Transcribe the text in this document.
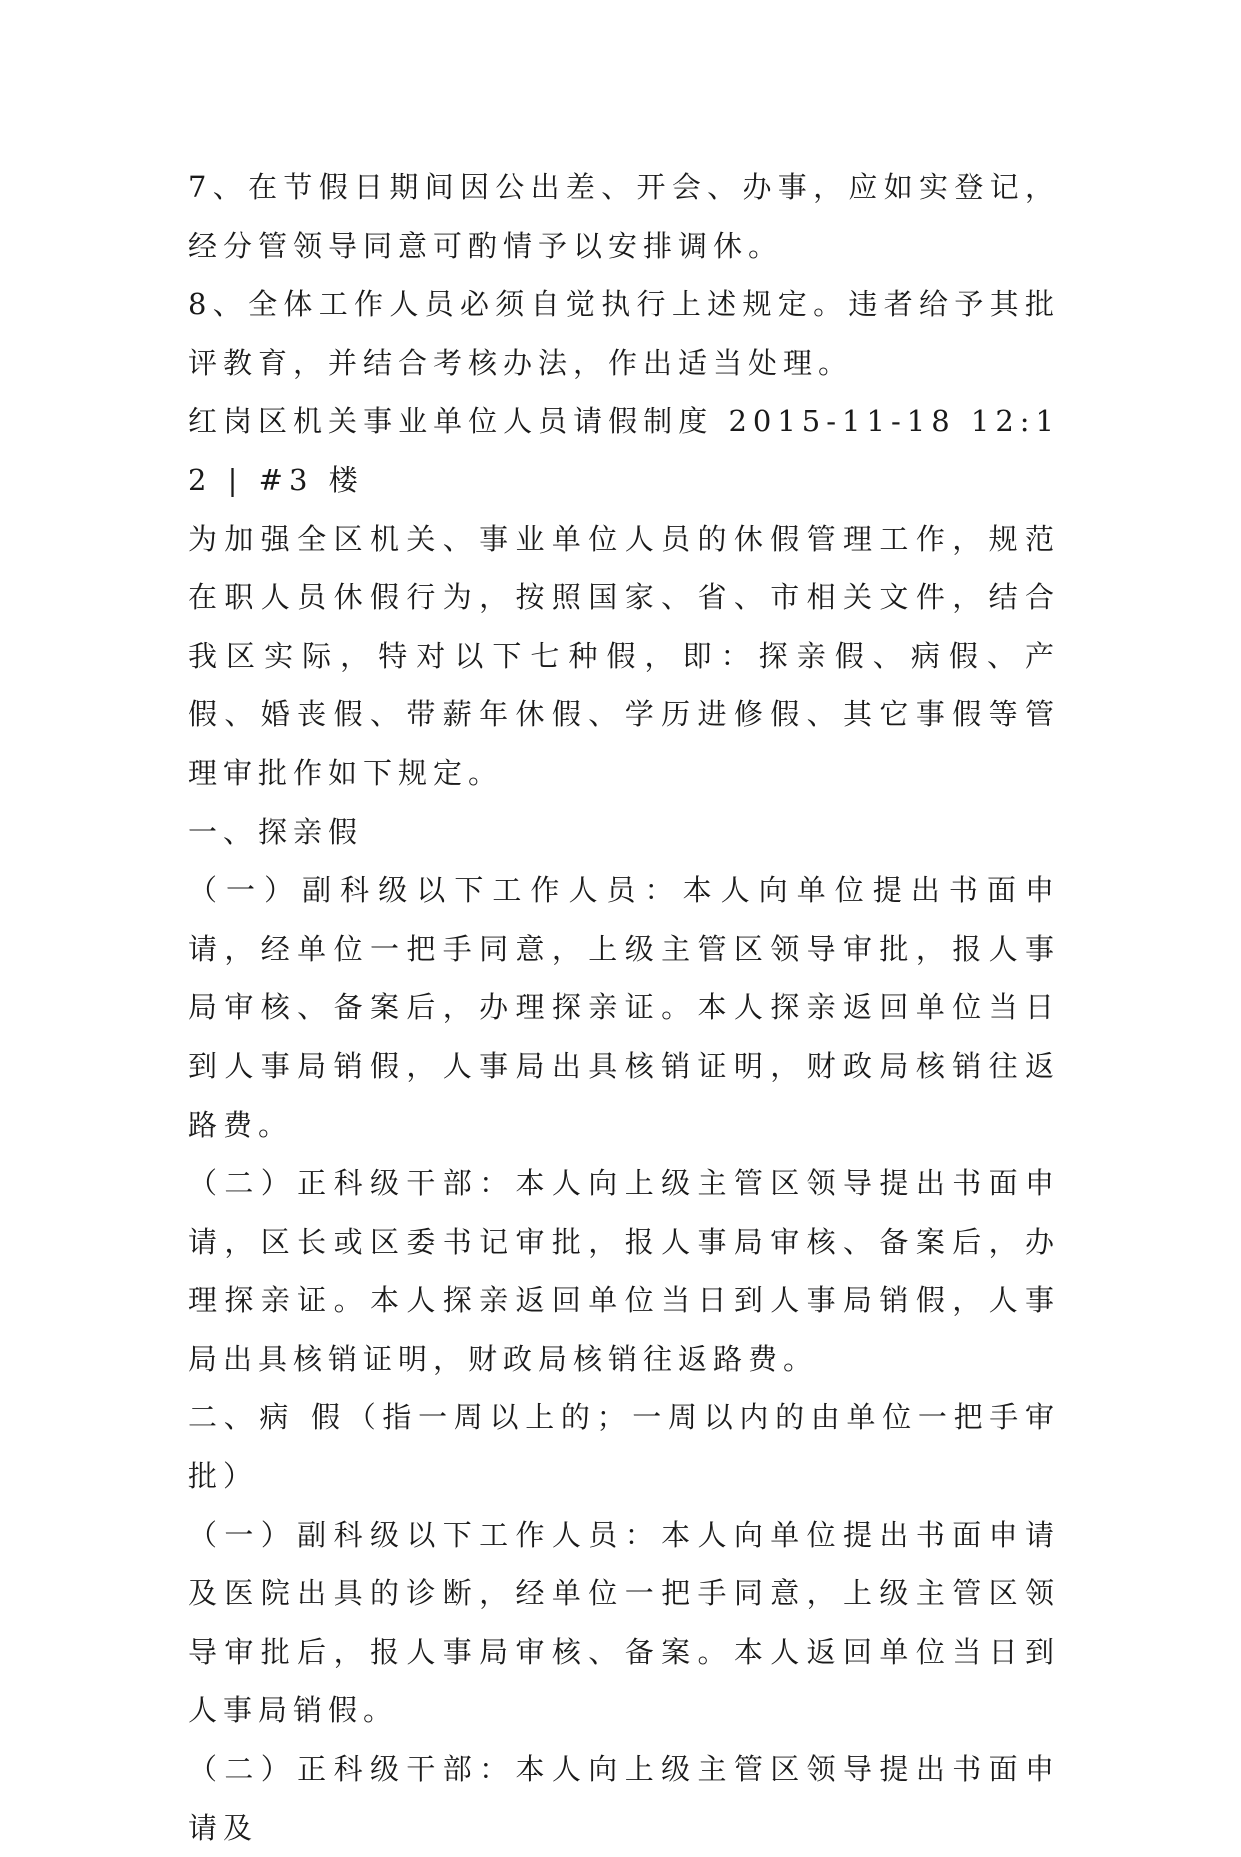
7、在节假日期间因公出差、开会、办事，应如实登记，经分管领导同意可酌情予以安排调休。

8、全体工作人员必须自觉执行上述规定。违者给予其批评教育，并结合考核办法，作出适当处理。

红岗区机关事业单位人员请假制度 2015-11-18 12:12 | #3 楼

为加强全区机关、事业单位人员的休假管理工作，规范在职人员休假行为，按照国家、省、市相关文件，结合我区实际，特对以下七种假，即：探亲假、病假、产假、婚丧假、带薪年休假、学历进修假、其它事假等管理审批作如下规定。

一、探亲假

（一）副科级以下工作人员：本人向单位提出书面申请，经单位一把手同意，上级主管区领导审批，报人事局审核、备案后，办理探亲证。本人探亲返回单位当日到人事局销假，人事局出具核销证明，财政局核销往返路费。

（二）正科级干部：本人向上级主管区领导提出书面申请，区长或区委书记审批，报人事局审核、备案后，办理探亲证。本人探亲返回单位当日到人事局销假，人事局出具核销证明，财政局核销往返路费。

二、病 假（指一周以上的；一周以内的由单位一把手审批）

（一）副科级以下工作人员：本人向单位提出书面申请及医院出具的诊断，经单位一把手同意，上级主管区领导审批后，报人事局审核、备案。本人返回单位当日到人事局销假。

（二）正科级干部：本人向上级主管区领导提出书面申请及
